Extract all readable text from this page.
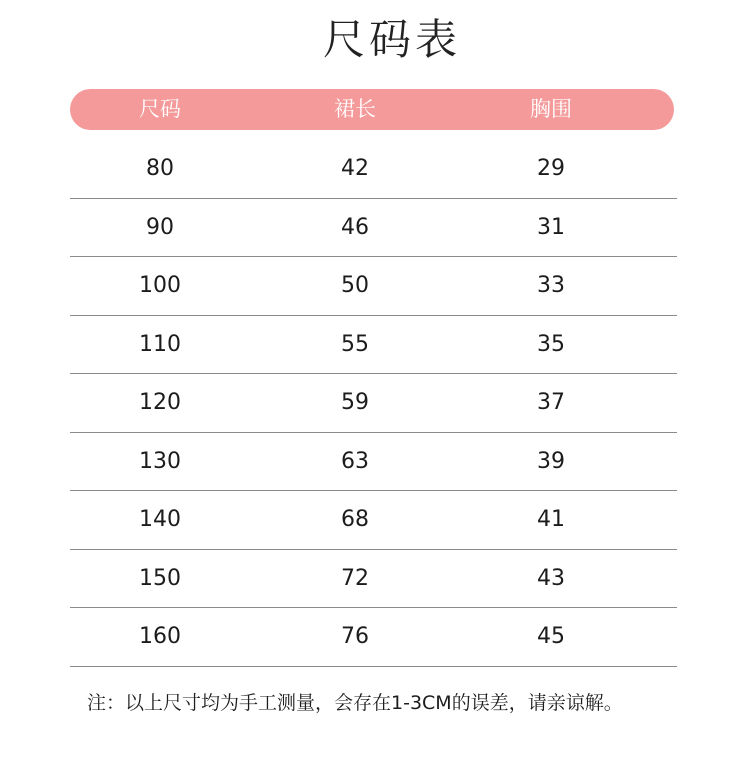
尺码表
尺码	裙长	胸围
80	42	29
90	46	31
100	50	33
110	55	35
120	59	37
130	63	39
140	68	41
150	72	43
160	76	45
注：以上尺寸均为手工测量，会存在1-3CM的误差，请亲谅解。
